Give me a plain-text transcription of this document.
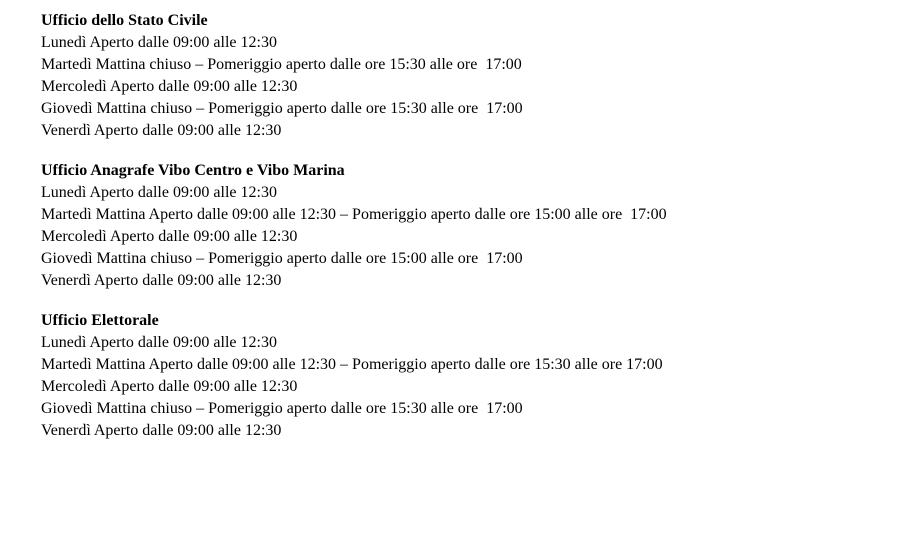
Ufficio dello Stato Civile

Lunedì Aperto dalle 09:00 alle 12:30

Martedì Mattina chiuso – Pomeriggio aperto dalle ore 15:30 alle ore  17:00

Mercoledì Aperto dalle 09:00 alle 12:30

Giovedì Mattina chiuso – Pomeriggio aperto dalle ore 15:30 alle ore  17:00

Venerdì Aperto dalle 09:00 alle 12:30

Ufficio Anagrafe Vibo Centro e Vibo Marina

Lunedì Aperto dalle 09:00 alle 12:30

Martedì Mattina Aperto dalle 09:00 alle 12:30 – Pomeriggio aperto dalle ore 15:00 alle ore  17:00

Mercoledì Aperto dalle 09:00 alle 12:30

Giovedì Mattina chiuso – Pomeriggio aperto dalle ore 15:00 alle ore  17:00

Venerdì Aperto dalle 09:00 alle 12:30

Ufficio Elettorale

Lunedì Aperto dalle 09:00 alle 12:30

Martedì Mattina Aperto dalle 09:00 alle 12:30 – Pomeriggio aperto dalle ore 15:30 alle ore 17:00

Mercoledì Aperto dalle 09:00 alle 12:30

Giovedì Mattina chiuso – Pomeriggio aperto dalle ore 15:30 alle ore  17:00

Venerdì Aperto dalle 09:00 alle 12:30
